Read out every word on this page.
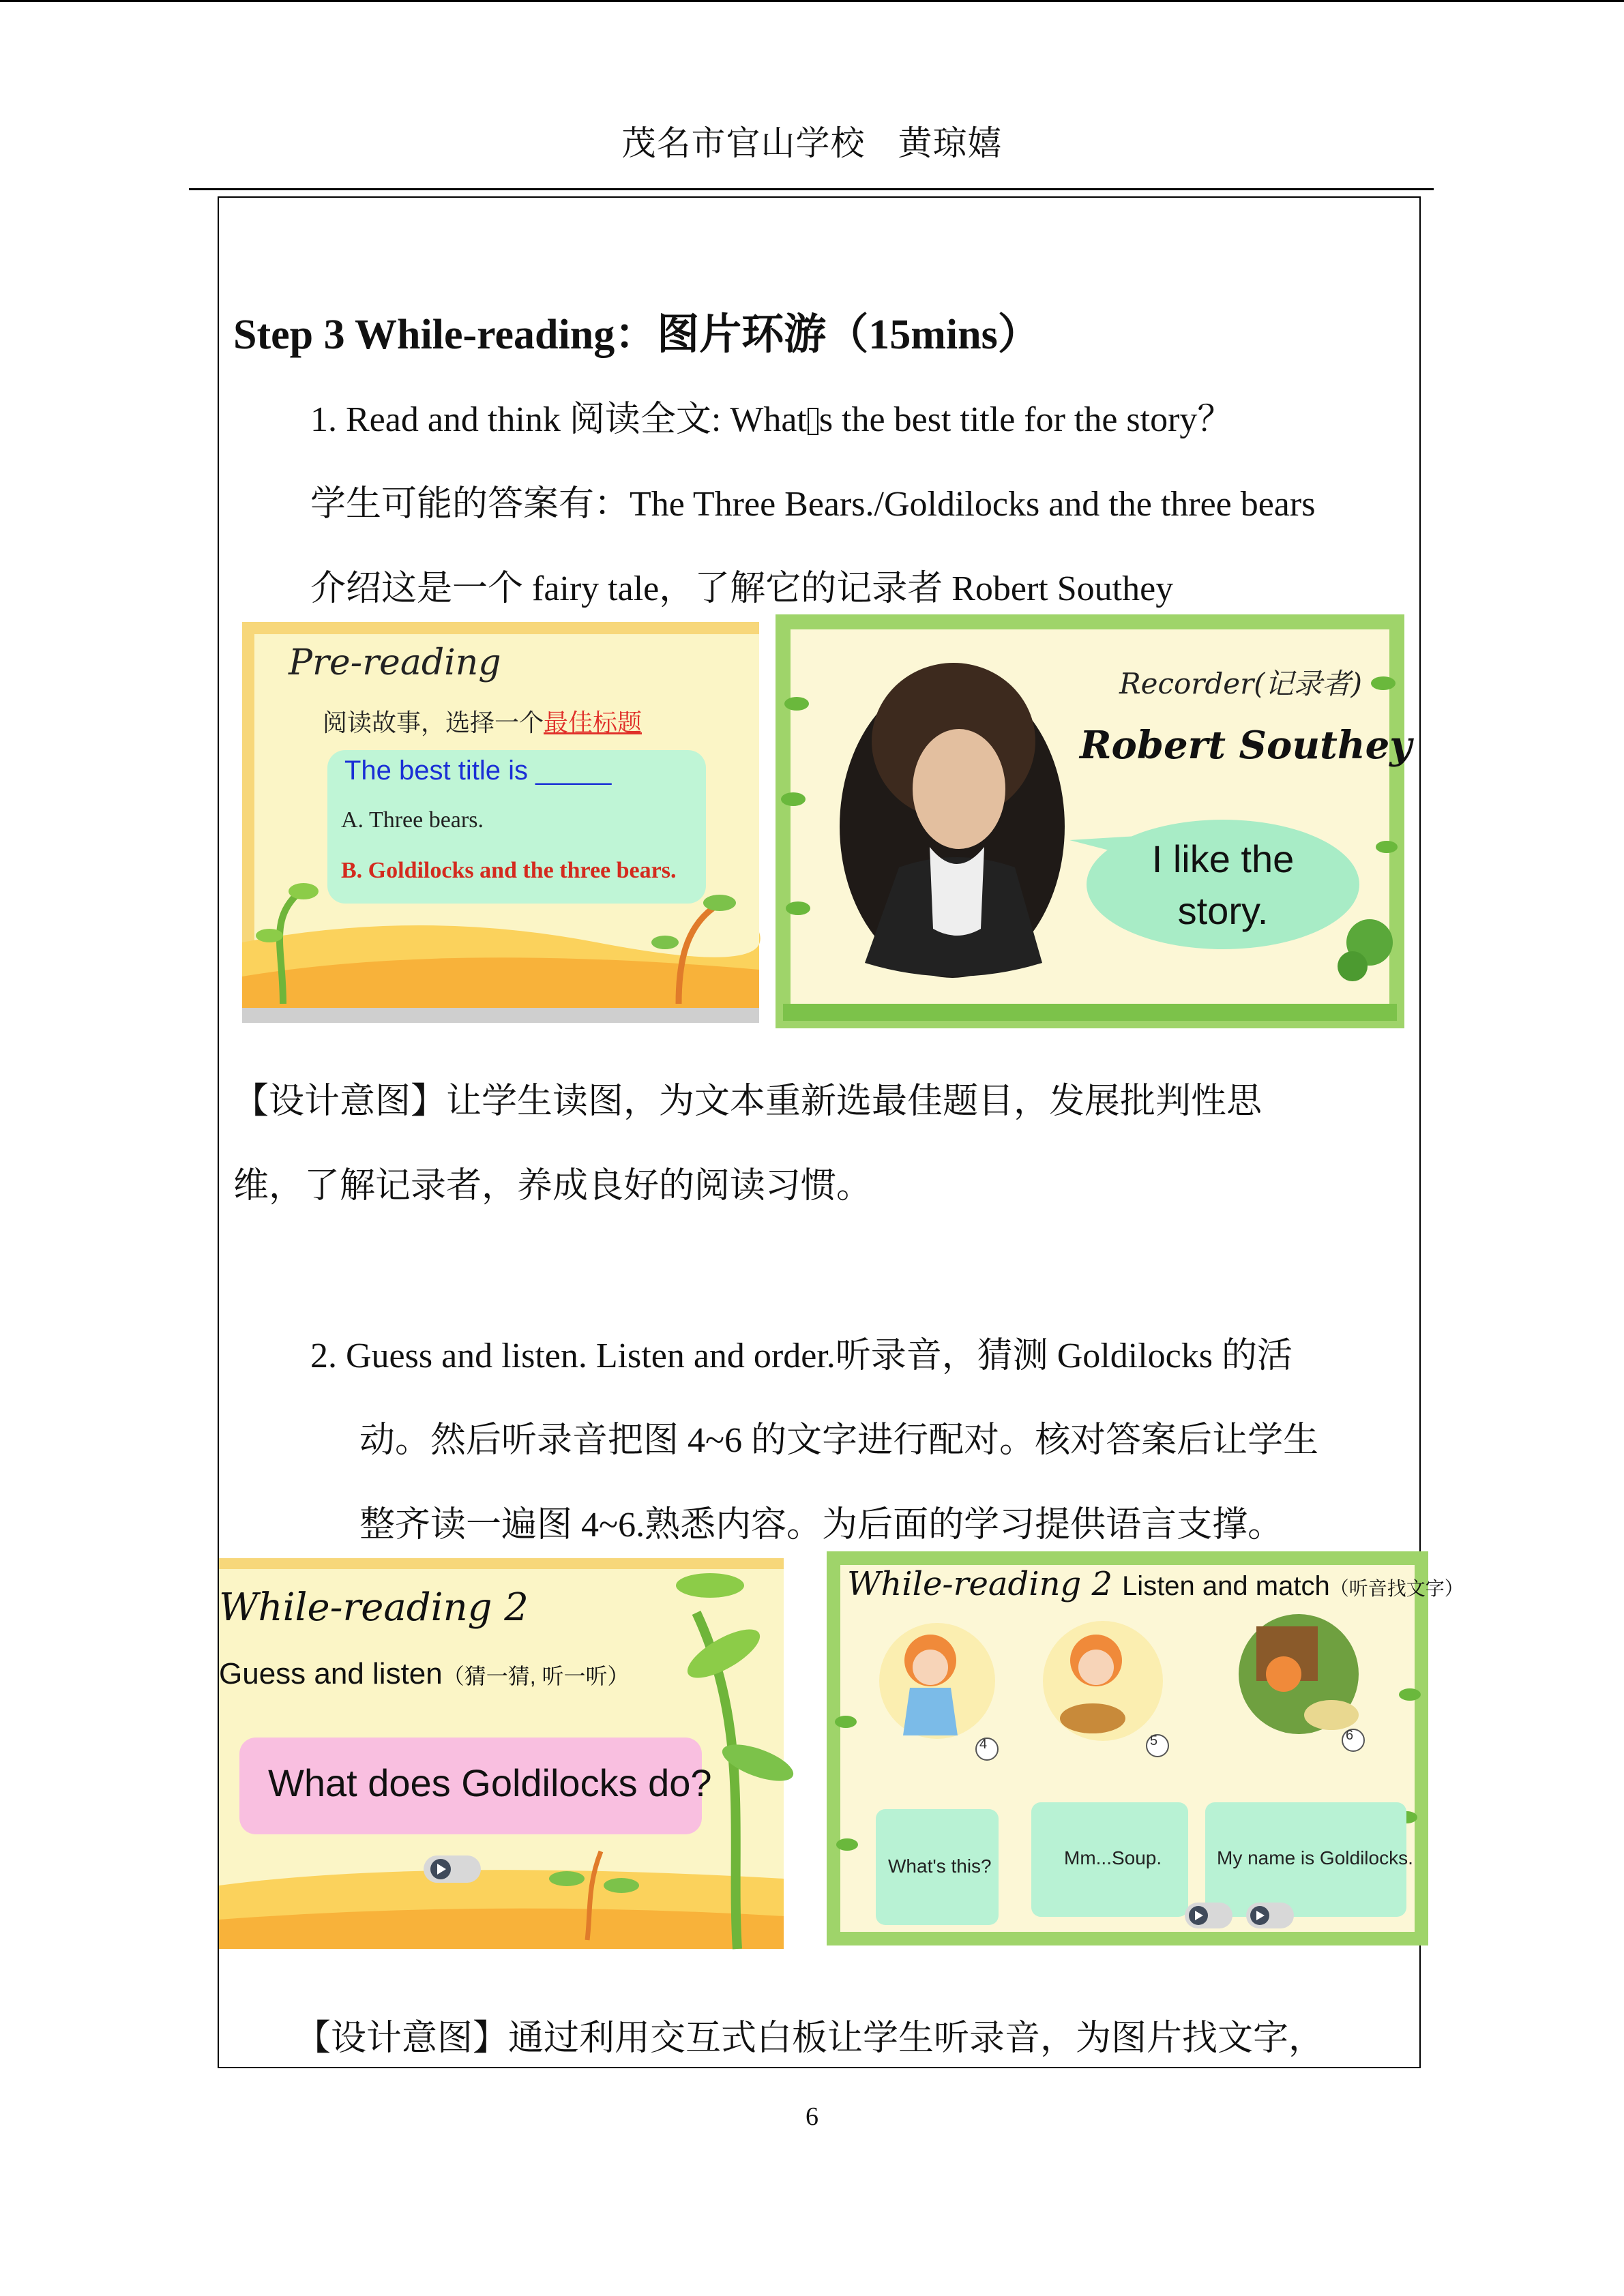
茂名市官山学校 黄琼嬉
Step 3 While-reading：图片环游（15mins）
1. Read and think 阅读全文: What s the best title for the story？
学生可能的答案有：The Three Bears./Goldilocks and the three bears
介绍这是一个 fairy tale，了解它的记录者 Robert Southey
Pre-reading
阅读故事，选择一个最佳标题
The best title is _____
A. Three bears.
B. Goldilocks and the three bears.
Recorder(记录者)
Robert Southey
I like the story.
【设计意图】让学生读图，为文本重新选最佳题目，发展批判性思
维，了解记录者，养成良好的阅读习惯。
2. Guess and listen. Listen and order.听录音，猜测 Goldilocks 的活
动。然后听录音把图 4~6 的文字进行配对。核对答案后让学生
整齐读一遍图 4~6.熟悉内容。为后面的学习提供语言支撑。
While-reading 2
Guess and listen（猜一猜, 听一听）
What does Goldilocks do?
While-reading 2 Listen and match（听音找文字）
4	5	6
What's this?	Mm...Soup.	My name is Goldilocks.
【设计意图】通过利用交互式白板让学生听录音，为图片找文字，
6
